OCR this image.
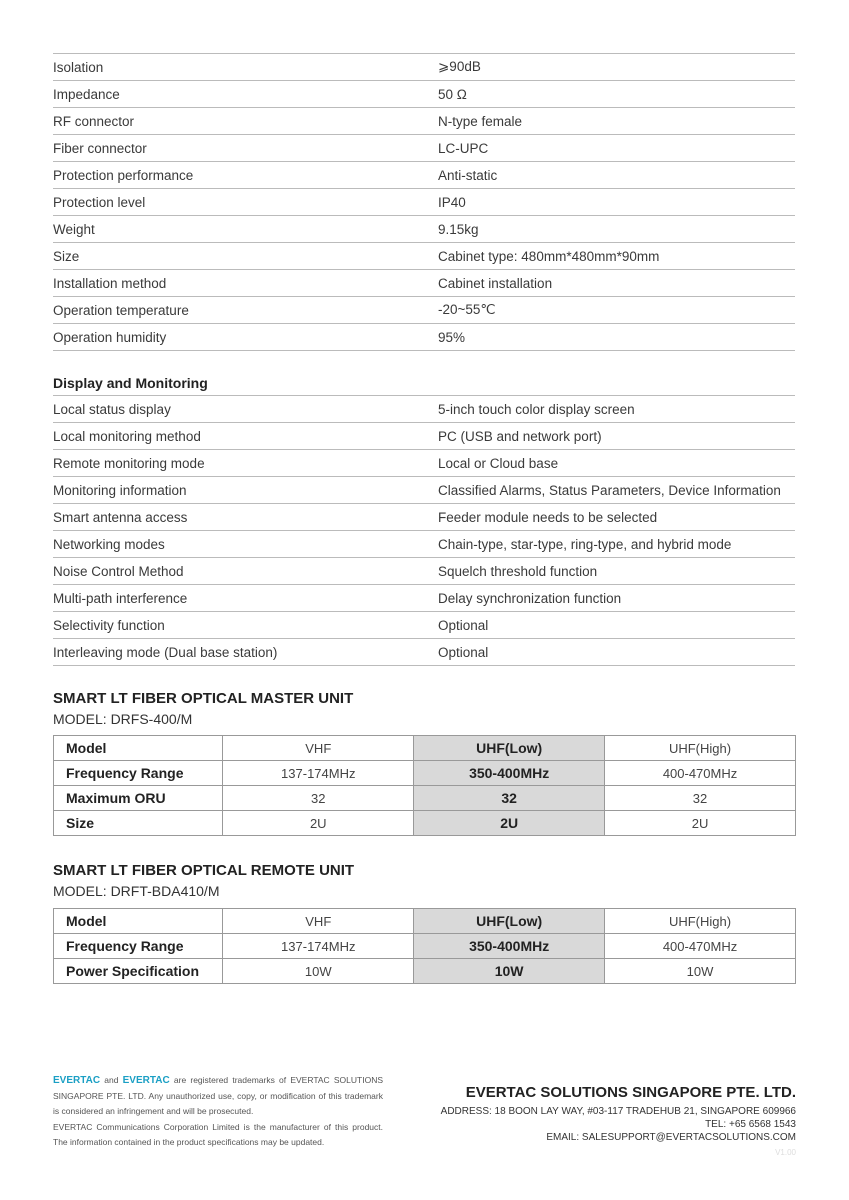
Isolation	⩾90dB
Impedance	50 Ω
RF connector	N-type female
Fiber connector	LC-UPC
Protection performance	Anti-static
Protection level	IP40
Weight	9.15kg
Size	Cabinet type: 480mm*480mm*90mm
Installation method	Cabinet installation
Operation temperature	-20~55℃
Operation humidity	95%
Display and Monitoring
Local status display	5-inch touch color display screen
Local monitoring method	PC (USB and network port)
Remote monitoring mode	Local or Cloud base
Monitoring information	Classified Alarms, Status Parameters, Device Information
Smart antenna access	Feeder module needs to be selected
Networking modes	Chain-type, star-type, ring-type, and hybrid mode
Noise Control Method	Squelch threshold function
Multi-path interference	Delay synchronization function
Selectivity function	Optional
Interleaving mode (Dual base station)	Optional
SMART LT FIBER OPTICAL MASTER UNIT
MODEL: DRFS-400/M
Model	VHF	UHF(Low)	UHF(High)
Frequency Range	137-174MHz	350-400MHz	400-470MHz
Maximum ORU	32	32	32
Size	2U	2U	2U
SMART LT FIBER OPTICAL REMOTE UNIT
MODEL: DRFT-BDA410/M
Model	VHF	UHF(Low)	UHF(High)
Frequency Range	137-174MHz	350-400MHz	400-470MHz
Power Specification	10W	10W	10W
EVERTAC and EVERTAC are registered trademarks of EVERTAC SOLUTIONS SINGAPORE PTE. LTD. Any unauthorized use, copy, or modification of this trademark is considered an infringement and will be prosecuted.
EVERTAC Communications Corporation Limited is the manufacturer of this product. The information contained in the product specifications may be updated.
EVERTAC SOLUTIONS SINGAPORE PTE. LTD.
ADDRESS: 18 BOON LAY WAY, #03-117 TRADEHUB 21, SINGAPORE 609966
TEL: +65 6568 1543
EMAIL: SALESUPPORT@EVERTACSOLUTIONS.COM
V1.00
